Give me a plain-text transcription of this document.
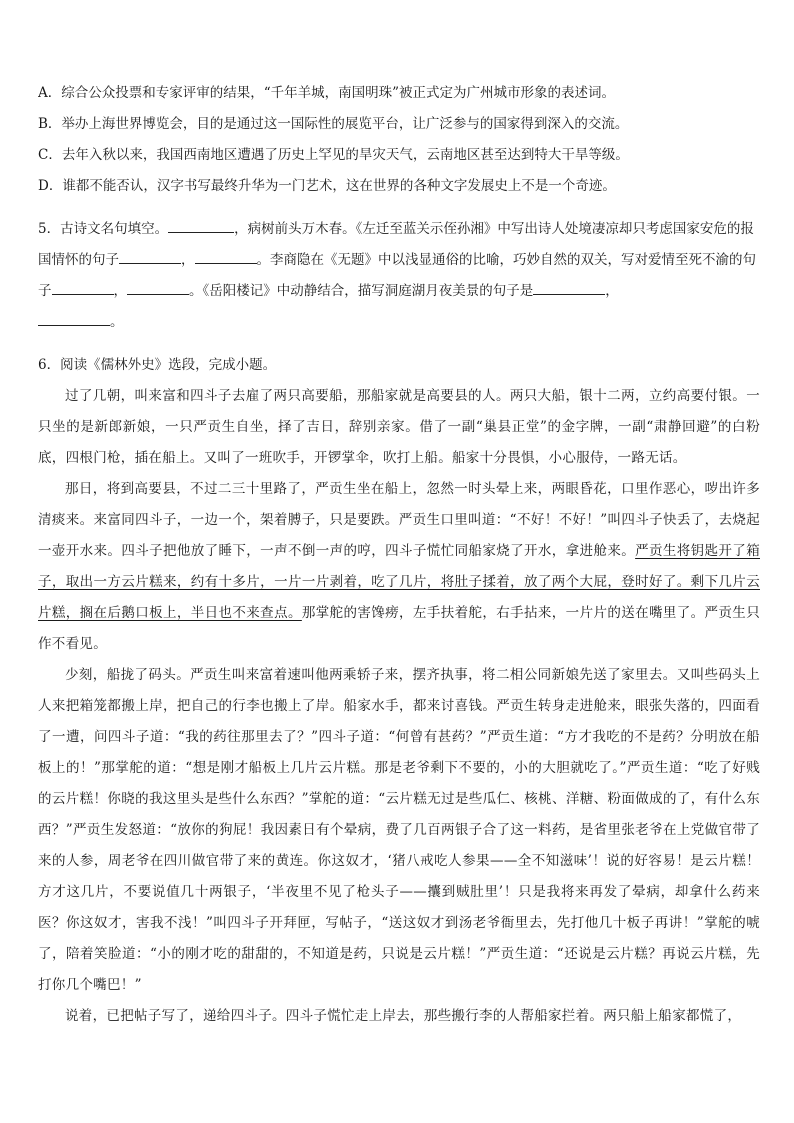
A．综合公众投票和专家评审的结果，“千年羊城，南国明珠”被正式定为广州城市形象的表述词。
B．举办上海世界博览会，目的是通过这一国际性的展览平台，让广泛参与的国家得到深入的交流。
C．去年入秋以来，我国西南地区遭遇了历史上罕见的旱灾天气，云南地区甚至达到特大干旱等级。
D．谁都不能否认，汉字书写最终升华为一门艺术，这在世界的各种文字发展史上不是一个奇迹。
5．古诗文名句填空。	，病树前头万木春。《左迁至蓝关示侄孙湘》中写出诗人处境凄凉却只考虑国家安危的报国情怀的句子	，	。李商隐在《无题》中以浅显通俗的比喻，巧妙自然的双关，写对爱情至死不渝的句子	，	。《岳阳楼记》中动静结合，描写洞庭湖月夜美景的句子是	，
。
6．阅读《儒林外史》选段，完成小题。

过了几朝，叫来富和四斗子去雇了两只高要船，那船家就是高要县的人。两只大船，银十二两，立约高要付银。一只坐的是新郎新娘，一只严贡生自坐，择了吉日，辞别亲家。借了一副“巢县正堂”的金字牌，一副“肃静回避”的白粉底，四根门枪，插在船上。又叫了一班吹手，开锣掌伞，吹打上船。船家十分畏惧，小心服侍，一路无话。

那日，将到高要县，不过二三十里路了，严贡生坐在船上，忽然一时头晕上来，两眼昏花，口里作恶心，哕出许多清痰来。来富同四斗子，一边一个，架着膊子，只是要跌。严贡生口里叫道：“不好！不好！”叫四斗子快丢了，去烧起一壶开水来。四斗子把他放了睡下，一声不倒一声的哼，四斗子慌忙同船家烧了开水，拿进舱来。严贡生将钥匙开了箱子，取出一方云片糕来，约有十多片，一片一片剥着，吃了几片，将肚子揉着，放了两个大屁，登时好了。剩下几片云片糕，搁在后鹅口板上，半日也不来查点。那掌舵的害馋痨，左手扶着舵，右手拈来，一片片的送在嘴里了。严贡生只作不看见。

少刻，船拢了码头。严贡生叫来富着速叫他两乘轿子来，摆齐执事，将二相公同新娘先送了家里去。又叫些码头上人来把箱笼都搬上岸，把自己的行李也搬上了岸。船家水手，都来讨喜钱。严贡生转身走进舱来，眼张失落的，四面看了一遭，问四斗子道：“我的药往那里去了？”四斗子道：“何曾有甚药？”严贡生道：“方才我吃的不是药？分明放在船板上的！”那掌舵的道：“想是刚才船板上几片云片糕。那是老爷剩下不要的，小的大胆就吃了。”严贡生道：“吃了好贱的云片糕！你晓的我这里头是些什么东西？”掌舵的道：“云片糕无过是些瓜仁、核桃、洋糖、粉面做成的了，有什么东西？”严贡生发怒道：“放你的狗屁！我因素日有个晕病，费了几百两银子合了这一料药，是省里张老爷在上党做官带了来的人参，周老爷在四川做官带了来的黄连。你这奴才，‘猪八戒吃人参果——全不知滋味’！说的好容易！是云片糕！方才这几片，不要说值几十两银子，‘半夜里不见了枪头子——攮到贼肚里’！只是我将来再发了晕病，却拿什么药来医？你这奴才，害我不浅！”叫四斗子开拜匣，写帖子，“送这奴才到汤老爷衙里去，先打他几十板子再讲！”掌舵的唬了，陪着笑脸道：“小的刚才吃的甜甜的，不知道是药，只说是云片糕！”严贡生道：“还说是云片糕？再说云片糕，先打你几个嘴巴！”

说着，已把帖子写了，递给四斗子。四斗子慌忙走上岸去，那些搬行李的人帮船家拦着。两只船上船家都慌了，
